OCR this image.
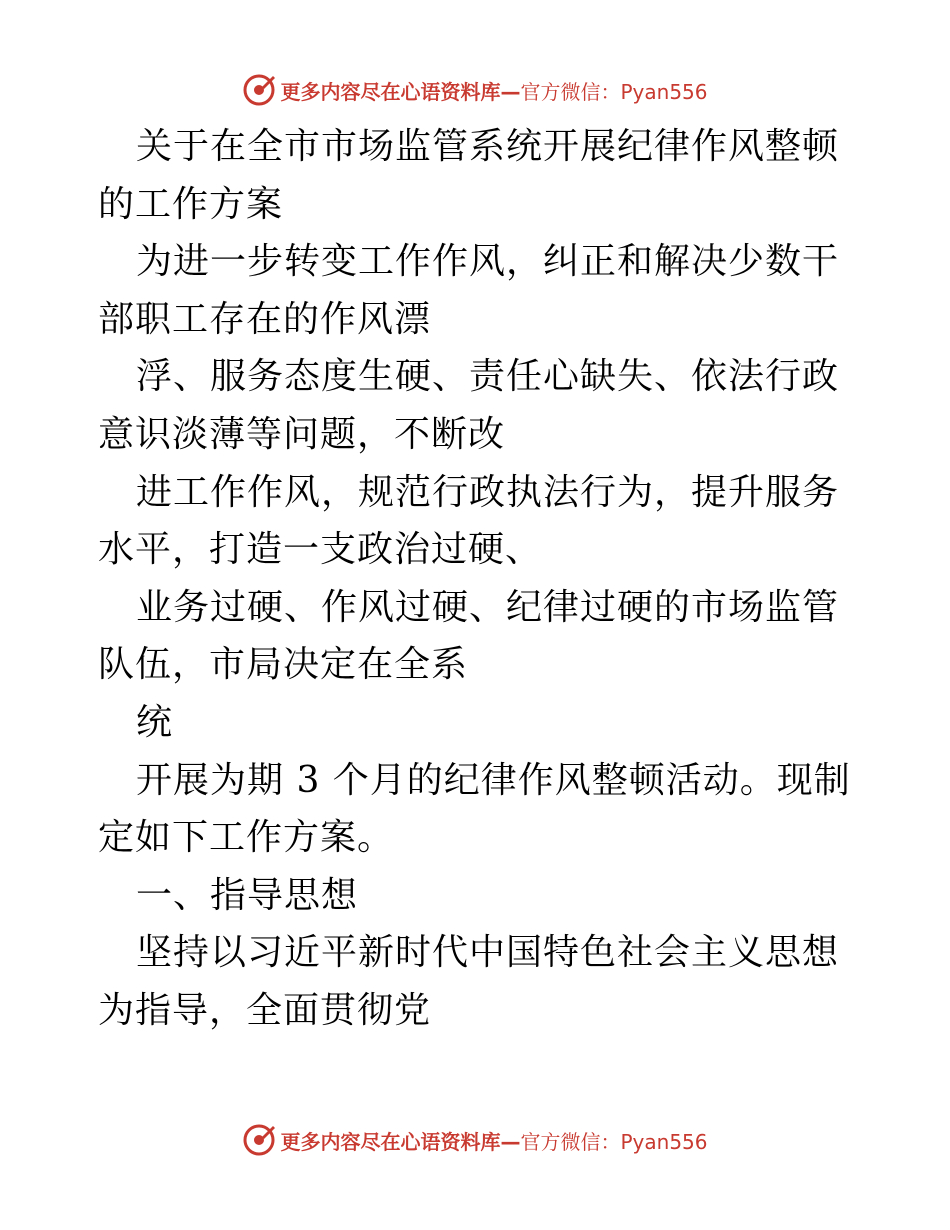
更多内容尽在心语资料库—官方微信：Pyan556

关于在全市市场监管系统开展纪律作风整顿的工作方案

为进一步转变工作作风，纠正和解决少数干部职工存在的作风漂

浮、服务态度生硬、责任心缺失、依法行政意识淡薄等问题，不断改

进工作作风，规范行政执法行为，提升服务水平，打造一支政治过硬、

业务过硬、作风过硬、纪律过硬的市场监管队伍，市局决定在全系

统

开展为期 3 个月的纪律作风整顿活动。现制定如下工作方案。

一、指导思想

坚持以习近平新时代中国特色社会主义思想为指导，全面贯彻党

更多内容尽在心语资料库—官方微信：Pyan556
